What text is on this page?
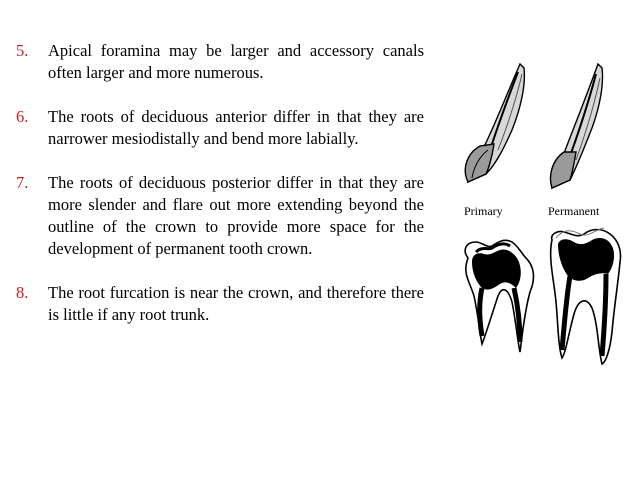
5.	Apical foramina may be larger and accessory canals often larger and more numerous.
6.	The roots of deciduous anterior differ in that they are narrower mesiodistally and bend more labially.
7.	The roots of deciduous posterior differ in that they are more slender and flare out more extending beyond the outline of the crown to provide more space for the development of permanent tooth crown.
8.	The root furcation is near the crown, and therefore there is little if any root trunk.
Primary	Permanent
